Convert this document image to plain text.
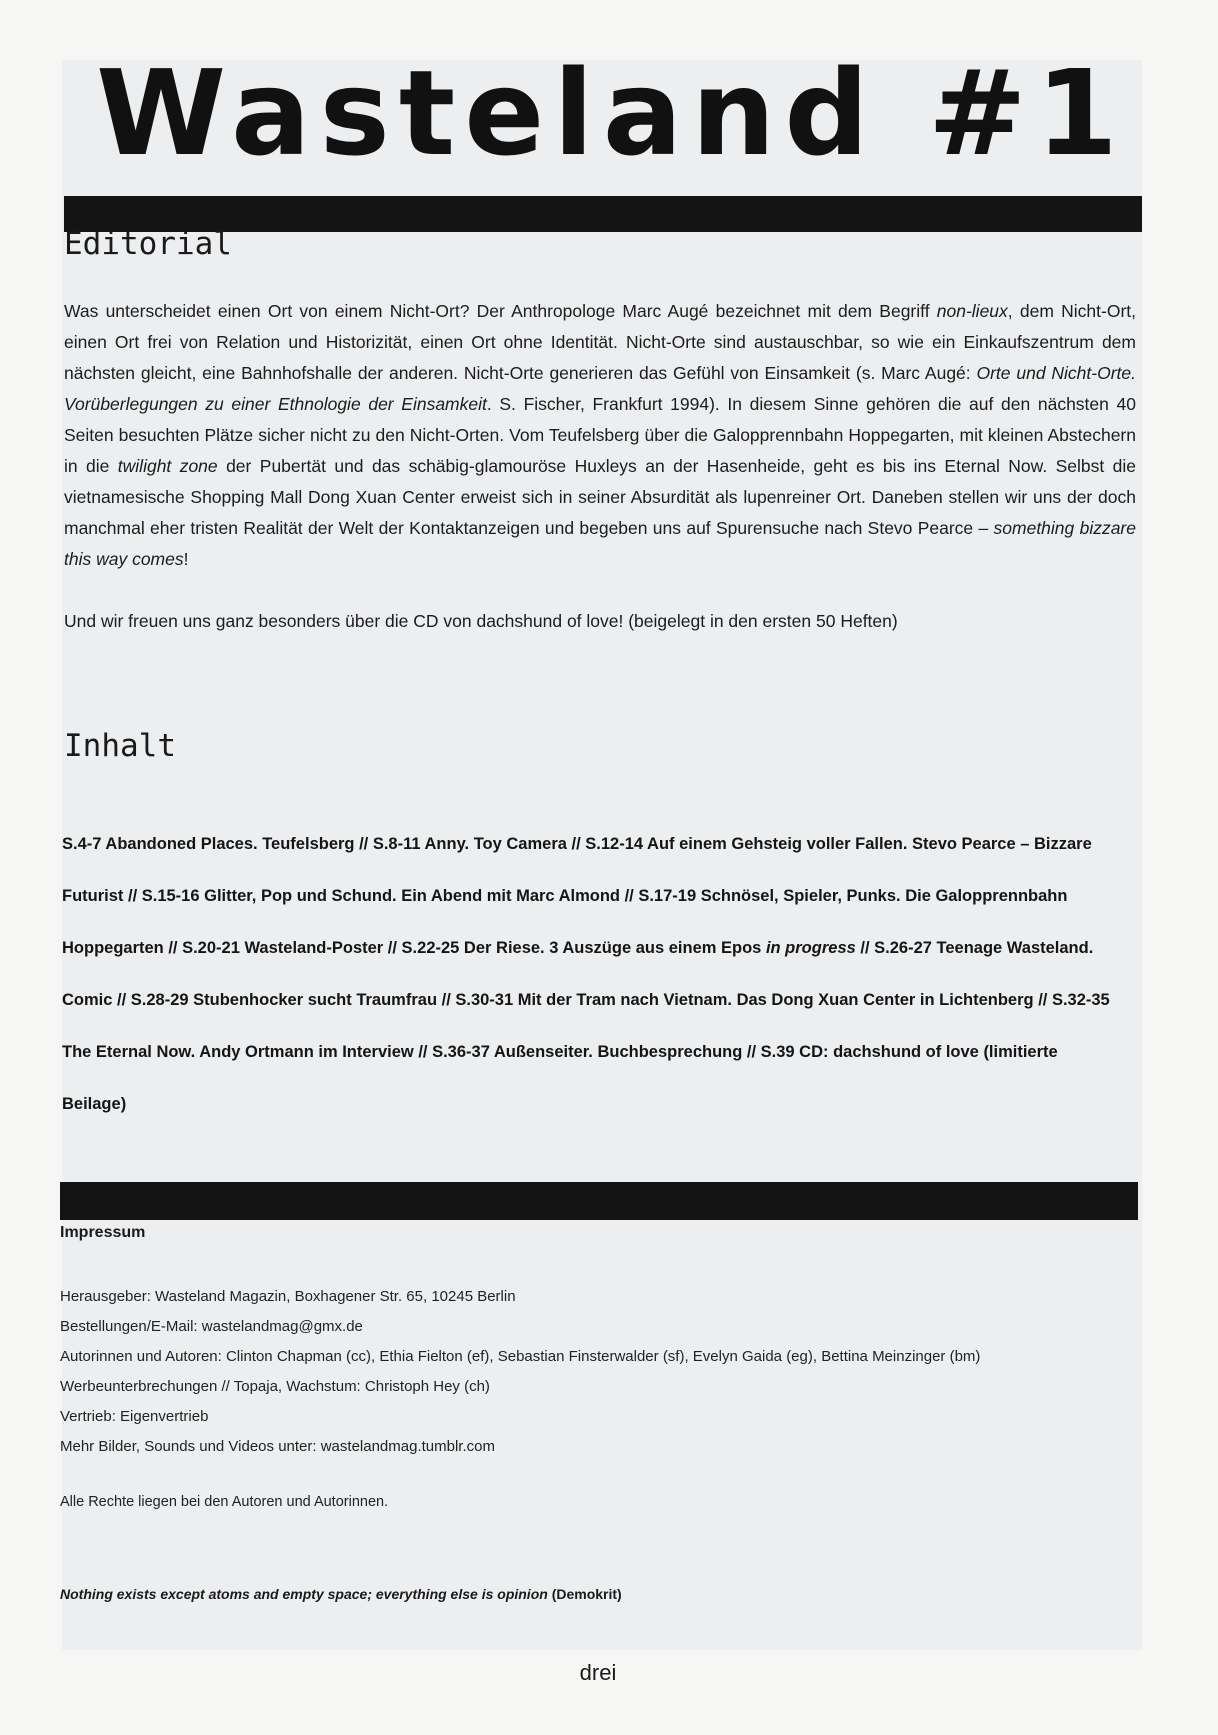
Wasteland #1
Editorial

Was unterscheidet einen Ort von einem Nicht-Ort? Der Anthropologe Marc Augé bezeichnet mit dem Begriff non-lieux, dem Nicht-Ort, einen Ort frei von Relation und Historizität, einen Ort ohne Identität. Nicht-Orte sind austauschbar, so wie ein Einkaufszentrum dem nächsten gleicht, eine Bahnhofshalle der anderen. Nicht-Orte generieren das Gefühl von Einsamkeit (s. Marc Augé: Orte und Nicht-Orte. Vorüberlegungen zu einer Ethnologie der Einsamkeit. S. Fischer, Frankfurt 1994). In diesem Sinne gehören die auf den nächsten 40 Seiten besuchten Plätze sicher nicht zu den Nicht-Orten. Vom Teufelsberg über die Galopprennbahn Hoppegarten, mit kleinen Abstechern in die twilight zone der Pubertät und das schäbig-glamouröse Huxleys an der Hasenheide, geht es bis ins Eternal Now. Selbst die vietnamesische Shopping Mall Dong Xuan Center erweist sich in seiner Absurdität als lupenreiner Ort. Daneben stellen wir uns der doch manchmal eher tristen Realität der Welt der Kontaktanzeigen und begeben uns auf Spurensuche nach Stevo Pearce – something bizzare this way comes!

Und wir freuen uns ganz besonders über die CD von dachshund of love! (beigelegt in den ersten 50 Heften)

Inhalt
S.4-7 Abandoned Places. Teufelsberg // S.8-11 Anny. Toy Camera // S.12-14 Auf einem Gehsteig voller Fallen. Stevo Pearce – Bizzare Futurist // S.15-16 Glitter, Pop und Schund. Ein Abend mit Marc Almond // S.17-19 Schnösel, Spieler, Punks. Die Galopprennbahn Hoppegarten // S.20-21 Wasteland-Poster // S.22-25 Der Riese. 3 Auszüge aus einem Epos in progress // S.26-27 Teenage Wasteland. Comic // S.28-29 Stubenhocker sucht Traumfrau // S.30-31 Mit der Tram nach Vietnam. Das Dong Xuan Center in Lichtenberg // S.32-35 The Eternal Now. Andy Ortmann im Interview // S.36-37 Außenseiter. Buchbesprechung // S.39 CD: dachshund of love (limitierte Beilage)
Impressum
Herausgeber: Wasteland Magazin, Boxhagener Str. 65, 10245 Berlin
Bestellungen/E-Mail: wastelandmag@gmx.de
Autorinnen und Autoren: Clinton Chapman (cc), Ethia Fielton (ef), Sebastian Finsterwalder (sf), Evelyn Gaida (eg), Bettina Meinzinger (bm)
Werbeunterbrechungen // Topaja, Wachstum: Christoph Hey (ch)
Vertrieb: Eigenvertrieb
Mehr Bilder, Sounds und Videos unter: wastelandmag.tumblr.com
Alle Rechte liegen bei den Autoren und Autorinnen.
Nothing exists except atoms and empty space; everything else is opinion (Demokrit)
drei
